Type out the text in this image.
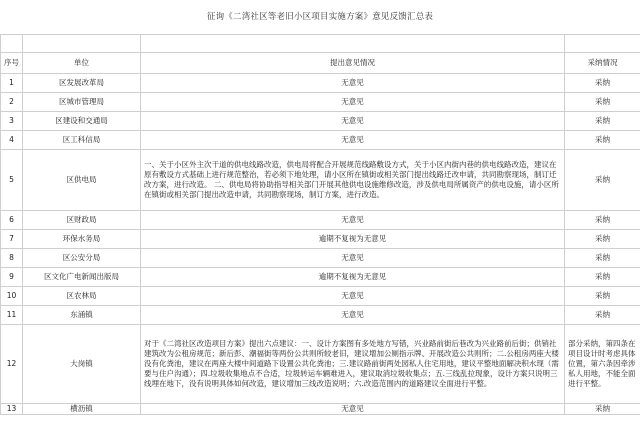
征询《二湾社区等老旧小区项目实施方案》意见反馈汇总表

序号	单位	提出意见情况	采纳情况
1	区发展改革局	无意见	采纳
2	区城市管理局	无意见	采纳
3	区建设和交通局	无意见	采纳
4	区工科信局	无意见	采纳
5	区供电局	一、关于小区外主次干道的供电线路改造，供电局将配合开展规范线路敷设方式，关于小区内街内巷的供电线路改造，建议在原有敷设方式基础上进行规范整治，若必须下地处理，请小区所在镇街或相关部门提出线路迁改申请，共同勘察现场，制订迁改方案，进行改造。 二、供电局将协助指导相关部门开展其他供电设施维修改造，涉及供电局所属资产的供电设施，请小区所在镇街或相关部门提出改造申请，共同勘察现场，制订方案，进行改造。	采纳
6	区财政局	无意见	采纳
7	环保水务局	逾期不复视为无意见	采纳
8	区公安分局	无意见	采纳
9	区文化广电新闻出版局	逾期不复视为无意见	采纳
10	区农林局	无意见	采纳
11	东涌镇	无意见	采纳
12	大岗镇	对于《二湾社区改造项目方案》提出六点建议：一、设计方案图有多处地方写错，兴业路前街后巷改为兴业路前后街；供销社建筑改为公租房规范；新后彭、潮福街等两份公共则所较老旧，建议增加公厕指示牌、开展改造公共则所；二.公租房两座大楼没有化粪池，建议在两座大楼中间道路下设置公共化粪池；三.建议路前街两处园私人住宅用地，建议平整地面解决积水现（需要与住户沟通）；四.垃圾收集地点不合适，垃圾转运车辆难进入，建议取消垃圾收集点；五.三线乱拉现象，设计方案只说明三线埋在地下，没有说明具体如何改造，建议增加三线改造说明；六.改造范围内的道路建议全面进行平整。	部分采纳，第四条在项目设计时考虑具体位置，第六条因牵涉私人用地，不能全面进行平整。
13	横沥镇	无意见	采纳
